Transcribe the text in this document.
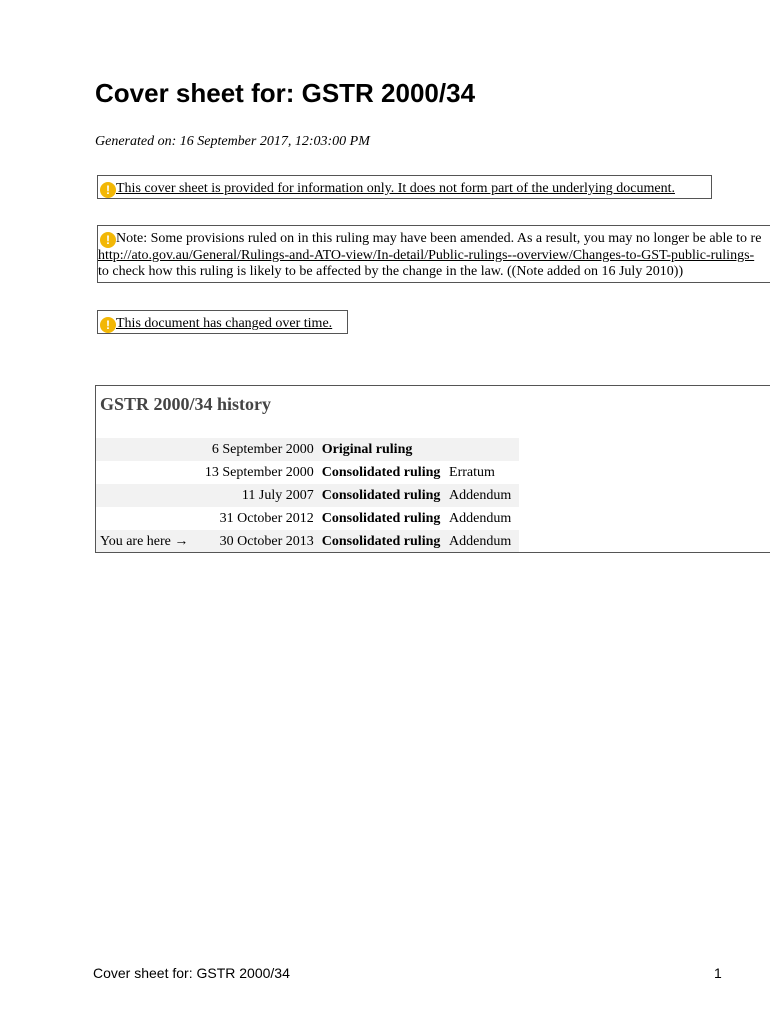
Cover sheet for: GSTR 2000/34
Generated on: 16 September 2017, 12:03:00 PM
! This cover sheet is provided for information only. It does not form part of the underlying document.
! Note: Some provisions ruled on in this ruling may have been amended. As a result, you may no longer be able to re
http://ato.gov.au/General/Rulings-and-ATO-view/In-detail/Public-rulings--overview/Changes-to-GST-public-rulings-
to check how this ruling is likely to be affected by the change in the law. ((Note added on 16 July 2010))
! This document has changed over time.
GSTR 2000/34 history
	6 September 2000	Original ruling	
	13 September 2000	Consolidated ruling	Erratum
	11 July 2007	Consolidated ruling	Addendum
	31 October 2012	Consolidated ruling	Addendum
You are here →	30 October 2013	Consolidated ruling	Addendum
Cover sheet for: GSTR 2000/34	1
